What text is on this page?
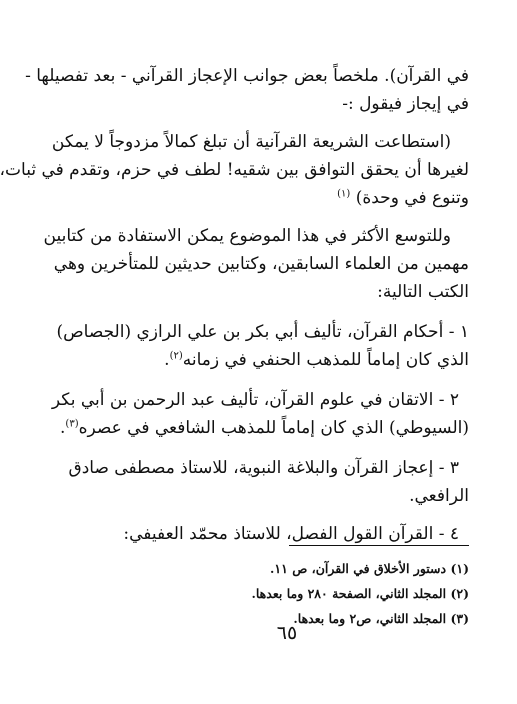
في القرآن). ملخصاً بعض جوانب الإعجاز القرآني - بعد تفصيلها -
في إيجاز فيقول :-
(استطاعت الشريعة القرآنية أن تبلغ كمالاً مزدوجاً لا يمكن
لغيرها أن يحقق التوافق بين شقيه! لطف في حزم، وتقدم في ثبات،
وتنوع في وحدة) $^{(١)}$
وللتوسع الأكثر في هذا الموضوع يمكن الاستفادة من كتابين
مهمين من العلماء السابقين، وكتابين حديثين للمتأخرين وهي
الكتب التالية:
١ - أحكام القرآن، تأليف أبي بكر بن علي الرازي (الجصاص)
الذي كان إماماً للمذهب الحنفي في زمانه$^{(٢)}$.
٢ - الاتقان في علوم القرآن، تأليف عبد الرحمن بن أبي بكر
(السيوطي) الذي كان إماماً للمذهب الشافعي في عصره$^{(٣)}$.
٣ - إعجاز القرآن والبلاغة النبوية، للاستاذ مصطفى صادق
الرافعي.
٤ - القرآن القول الفصل، للاستاذ محمّد العفيفي:
(١) دستور الأخلاق في القرآن، ص ١١.
(٢) المجلد الثاني، الصفحة ٢٨٠ وما بعدها.
(٣) المجلد الثاني، ص٢ وما بعدها.
٦٥
